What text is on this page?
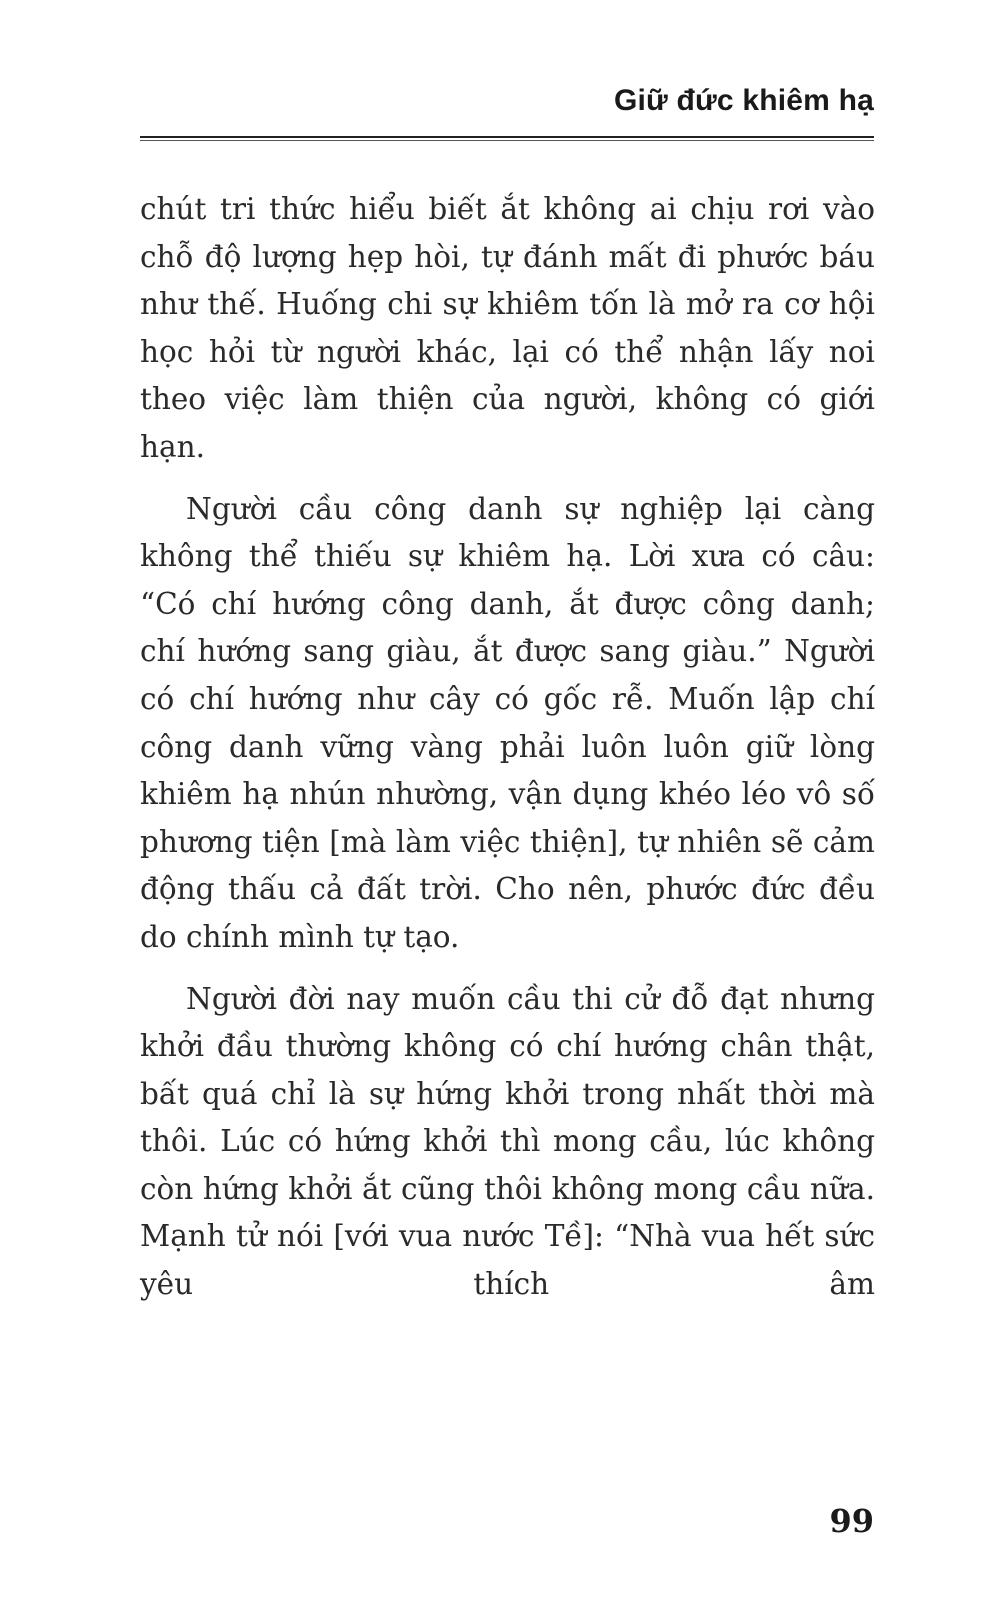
Giữ đức khiêm hạ

chút tri thức hiểu biết ắt không ai chịu rơi vào chỗ độ lượng hẹp hòi, tự đánh mất đi phước báu như thế. Huống chi sự khiêm tốn là mở ra cơ hội học hỏi từ người khác, lại có thể nhận lấy noi theo việc làm thiện của người, không có giới hạn.

Người cầu công danh sự nghiệp lại càng không thể thiếu sự khiêm hạ. Lời xưa có câu: “Có chí hướng công danh, ắt được công danh; chí hướng sang giàu, ắt được sang giàu.” Người có chí hướng như cây có gốc rễ. Muốn lập chí công danh vững vàng phải luôn luôn giữ lòng khiêm hạ nhún nhường, vận dụng khéo léo vô số phương tiện [mà làm việc thiện], tự nhiên sẽ cảm động thấu cả đất trời. Cho nên, phước đức đều do chính mình tự tạo.

Người đời nay muốn cầu thi cử đỗ đạt nhưng khởi đầu thường không có chí hướng chân thật, bất quá chỉ là sự hứng khởi trong nhất thời mà thôi. Lúc có hứng khởi thì mong cầu, lúc không còn hứng khởi ắt cũng thôi không mong cầu nữa. Mạnh tử nói [với vua nước Tề]: “Nhà vua hết sức yêu thích âm

99
